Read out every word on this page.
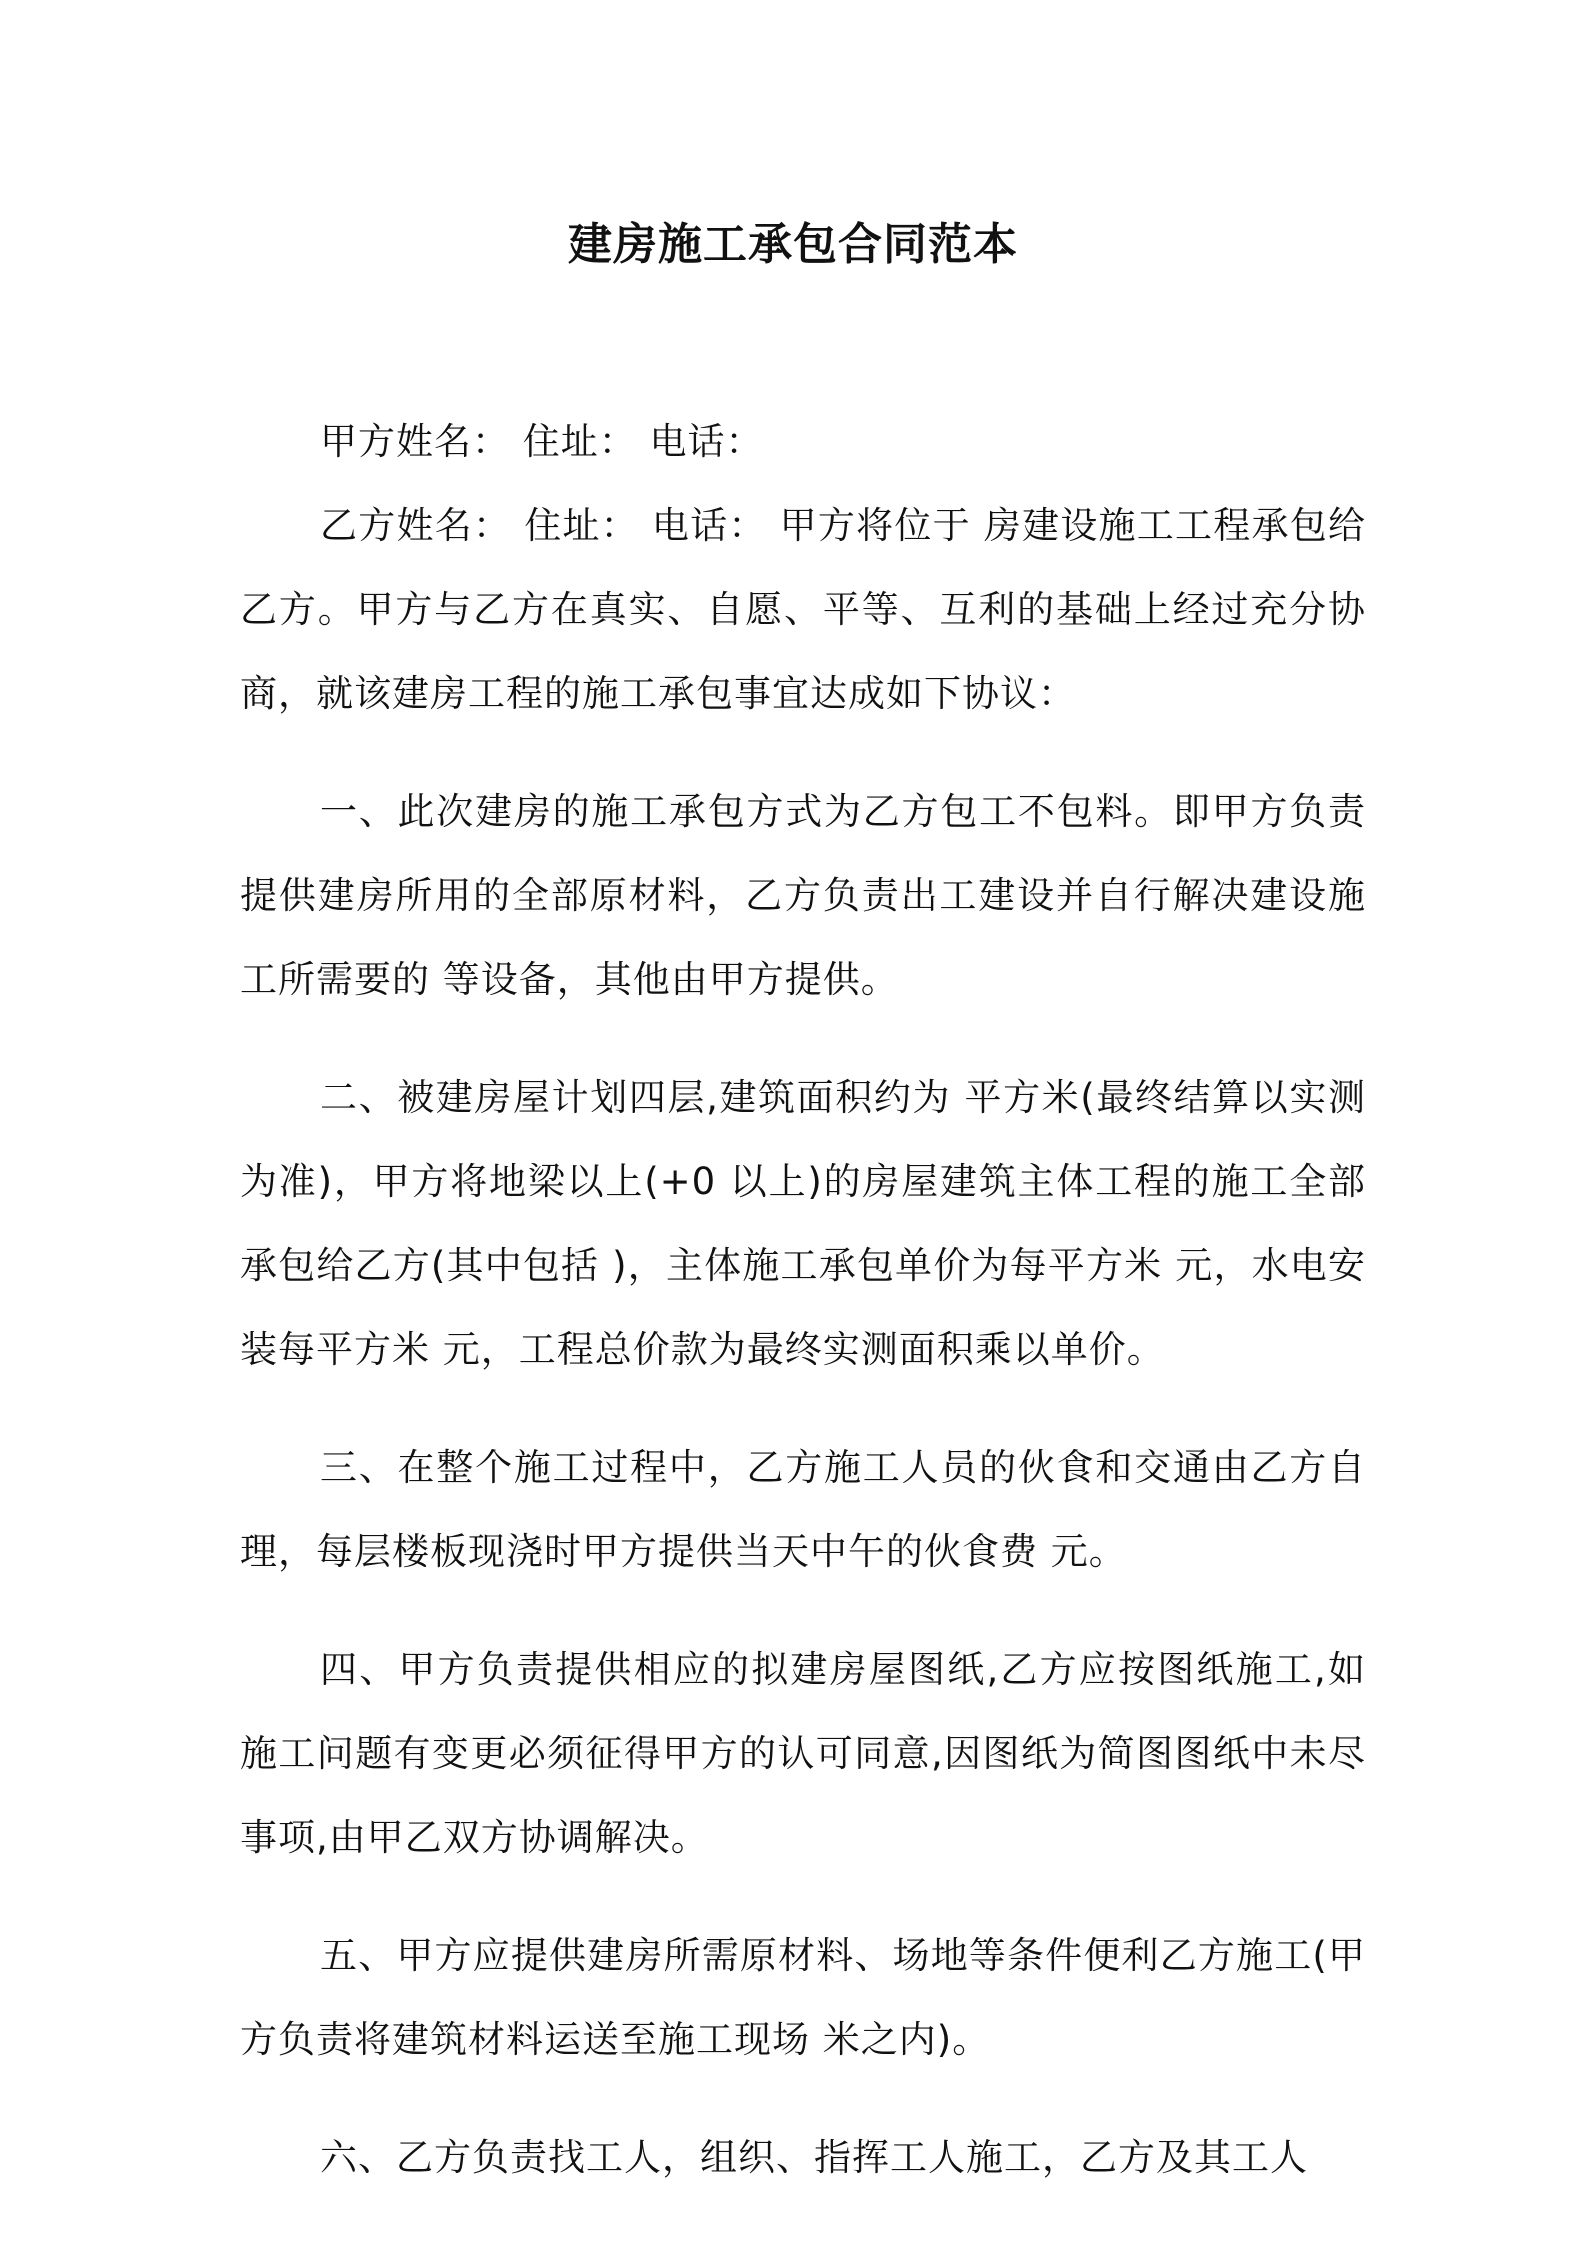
建房施工承包合同范本

甲方姓名： 住址： 电话：

乙方姓名： 住址： 电话： 甲方将位于 房建设施工工程承包给乙方。甲方与乙方在真实、自愿、平等、互利的基础上经过充分协商，就该建房工程的施工承包事宜达成如下协议：

一、此次建房的施工承包方式为乙方包工不包料。即甲方负责提供建房所用的全部原材料，乙方负责出工建设并自行解决建设施工所需要的 等设备，其他由甲方提供。

二、被建房屋计划四层,建筑面积约为 平方米(最终结算以实测为准)，甲方将地梁以上(+0 以上)的房屋建筑主体工程的施工全部承包给乙方(其中包括 )，主体施工承包单价为每平方米 元，水电安装每平方米 元，工程总价款为最终实测面积乘以单价。

三、在整个施工过程中，乙方施工人员的伙食和交通由乙方自理，每层楼板现浇时甲方提供当天中午的伙食费 元。

四、甲方负责提供相应的拟建房屋图纸,乙方应按图纸施工,如施工问题有变更必须征得甲方的认可同意,因图纸为简图图纸中未尽事项,由甲乙双方协调解决。

五、甲方应提供建房所需原材料、场地等条件便利乙方施工(甲方负责将建筑材料运送至施工现场 米之内)。

六、乙方负责找工人，组织、指挥工人施工，乙方及其工人
